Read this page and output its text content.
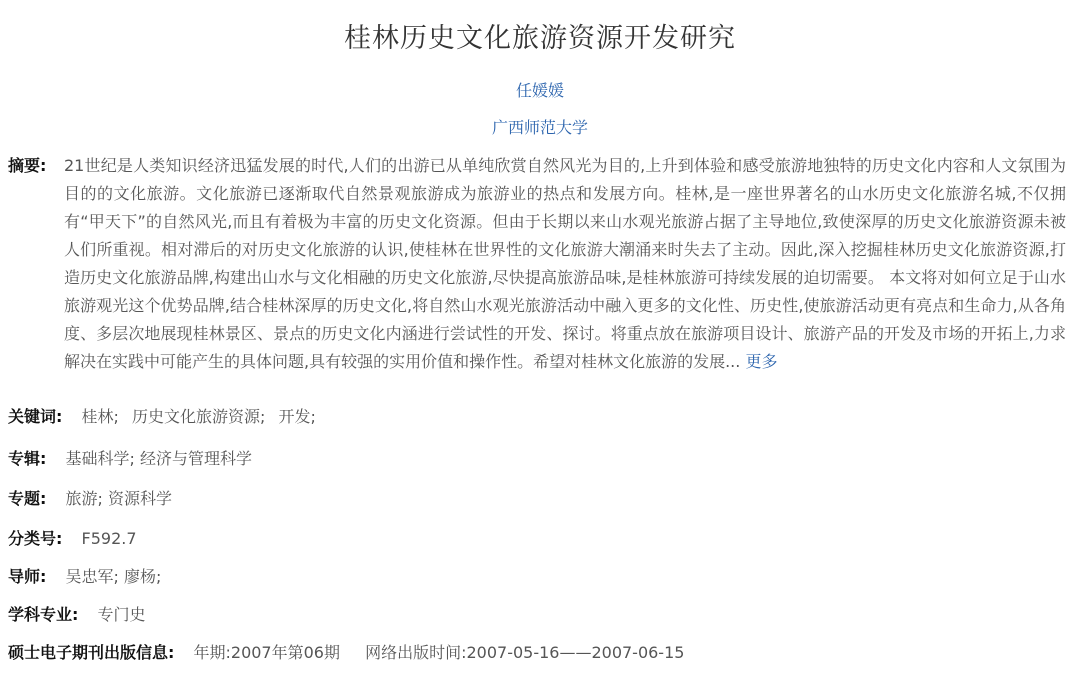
桂林历史文化旅游资源开发研究
任媛媛
广西师范大学
摘要: 21世纪是人类知识经济迅猛发展的时代,人们的出游已从单纯欣赏自然风光为目的,上升到体验和感受旅游地独特的历史文化内容和人文氛围为目的的文化旅游。文化旅游已逐渐取代自然景观旅游成为旅游业的热点和发展方向。桂林,是一座世界著名的山水历史文化旅游名城,不仅拥有“甲天下”的自然风光,而且有着极为丰富的历史文化资源。但由于长期以来山水观光旅游占据了主导地位,致使深厚的历史文化旅游资源未被人们所重视。相对滞后的对历史文化旅游的认识,使桂林在世界性的文化旅游大潮涌来时失去了主动。因此,深入挖掘桂林历史文化旅游资源,打造历史文化旅游品牌,构建出山水与文化相融的历史文化旅游,尽快提高旅游品味,是桂林旅游可持续发展的迫切需要。 本文将对如何立足于山水旅游观光这个优势品牌,结合桂林深厚的历史文化,将自然山水观光旅游活动中融入更多的文化性、历史性,使旅游活动更有亮点和生命力,从各角度、多层次地展现桂林景区、景点的历史文化内涵进行尝试性的开发、探讨。将重点放在旅游项目设计、旅游产品的开发及市场的开拓上,力求解决在实践中可能产生的具体问题,具有较强的实用价值和操作性。希望对桂林文化旅游的发展... 更多
关键词: 桂林; 历史文化旅游资源; 开发;
专辑: 基础科学; 经济与管理科学
专题: 旅游; 资源科学
分类号: F592.7
导师: 吴忠军; 廖杨;
学科专业: 专门史
硕士电子期刊出版信息: 年期:2007年第06期 网络出版时间:2007-05-16——2007-06-15
